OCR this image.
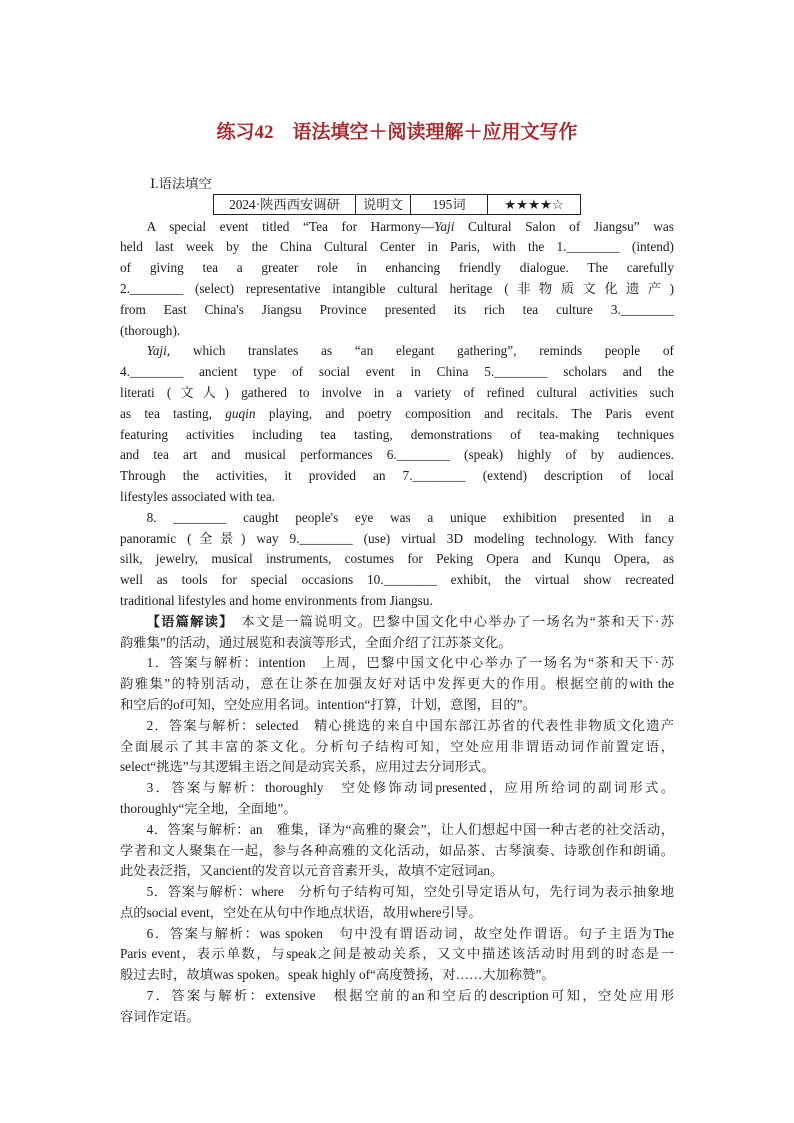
练习42　语法填空＋阅读理解＋应用文写作
Ⅰ.语法填空
2024·陕西西安调研	说明文	195词	★★★★☆
A special event titled “Tea for Harmony—Yaji Cultural Salon of Jiangsu” was
held last week by the China Cultural Center in Paris, with the 1.________ (intend)
of giving tea a greater role in enhancing friendly dialogue. The carefully
2.________ (select) representative intangible cultural heritage (非物质文化遗产)
from East China's Jiangsu Province presented its rich tea culture 3.________
(thorough).
Yaji, which translates as “an elegant gathering”, reminds people of
4.________ ancient type of social event in China 5.________ scholars and the
literati (文人) gathered to involve in a variety of refined cultural activities such
as tea tasting, guqin playing, and poetry composition and recitals. The Paris event
featuring activities including tea tasting, demonstrations of tea-making techniques
and tea art and musical performances 6.________ (speak) highly of by audiences.
Through the activities, it provided an 7.________ (extend) description of local
lifestyles associated with tea.
8. ________ caught people's eye was a unique exhibition presented in a
panoramic (全景) way 9.________ (use) virtual 3D modeling technology. With fancy
silk, jewelry, musical instruments, costumes for Peking Opera and Kunqu Opera, as
well as tools for special occasions 10.________ exhibit, the virtual show recreated
traditional lifestyles and home environments from Jiangsu.
【语篇解读】　本文是一篇说明文。巴黎中国文化中心举办了一场名为“茶和天下·苏
韵雅集”的活动，通过展览和表演等形式，全面介绍了江苏茶文化。
1．答案与解析：intention　上周，巴黎中国文化中心举办了一场名为“茶和天下·苏
韵雅集”的特别活动，意在让茶在加强友好对话中发挥更大的作用。根据空前的with the
和空后的of可知，空处应用名词。intention“打算，计划，意图，目的”。
2．答案与解析：selected　精心挑选的来自中国东部江苏省的代表性非物质文化遗产
全面展示了其丰富的茶文化。分析句子结构可知，空处应用非谓语动词作前置定语，
select“挑选”与其逻辑主语之间是动宾关系，应用过去分词形式。
3．答案与解析：thoroughly　空处修饰动词presented，应用所给词的副词形式。
thoroughly“完全地，全面地”。
4．答案与解析：an　雅集，译为“高雅的聚会”，让人们想起中国一种古老的社交活动，
学者和文人聚集在一起，参与各种高雅的文化活动，如品茶、古琴演奏、诗歌创作和朗诵。
此处表泛指，又ancient的发音以元音音素开头，故填不定冠词an。
5．答案与解析：where　分析句子结构可知，空处引导定语从句，先行词为表示抽象地
点的social event，空处在从句中作地点状语，故用where引导。
6．答案与解析：was spoken　句中没有谓语动词，故空处作谓语。句子主语为The
Paris event，表示单数，与speak之间是被动关系，又文中描述该活动时用到的时态是一
般过去时，故填was spoken。speak highly of“高度赞扬，对……大加称赞”。
7．答案与解析：extensive　根据空前的an和空后的description可知，空处应用形
容词作定语。
